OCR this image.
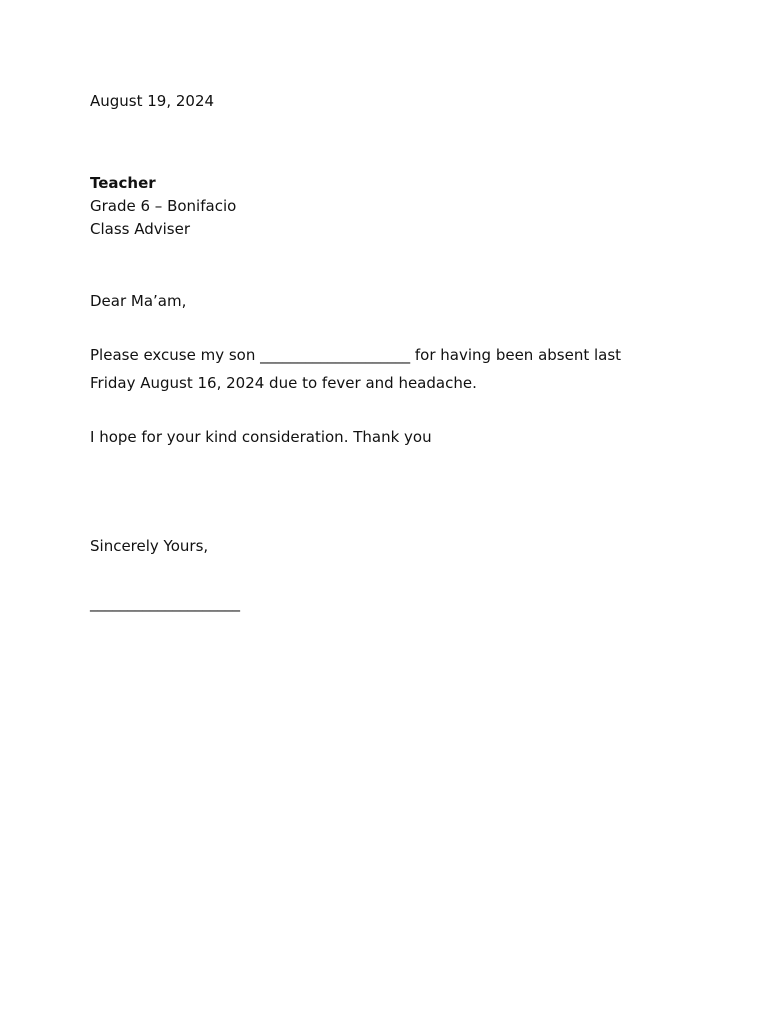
August 19, 2024
Teacher
Grade 6 – Bonifacio
Class Adviser
Dear Ma’am,
Please excuse my son ____________________ for having been absent last
Friday August 16, 2024 due to fever and headache.
I hope for your kind consideration. Thank you
Sincerely Yours,
____________________
